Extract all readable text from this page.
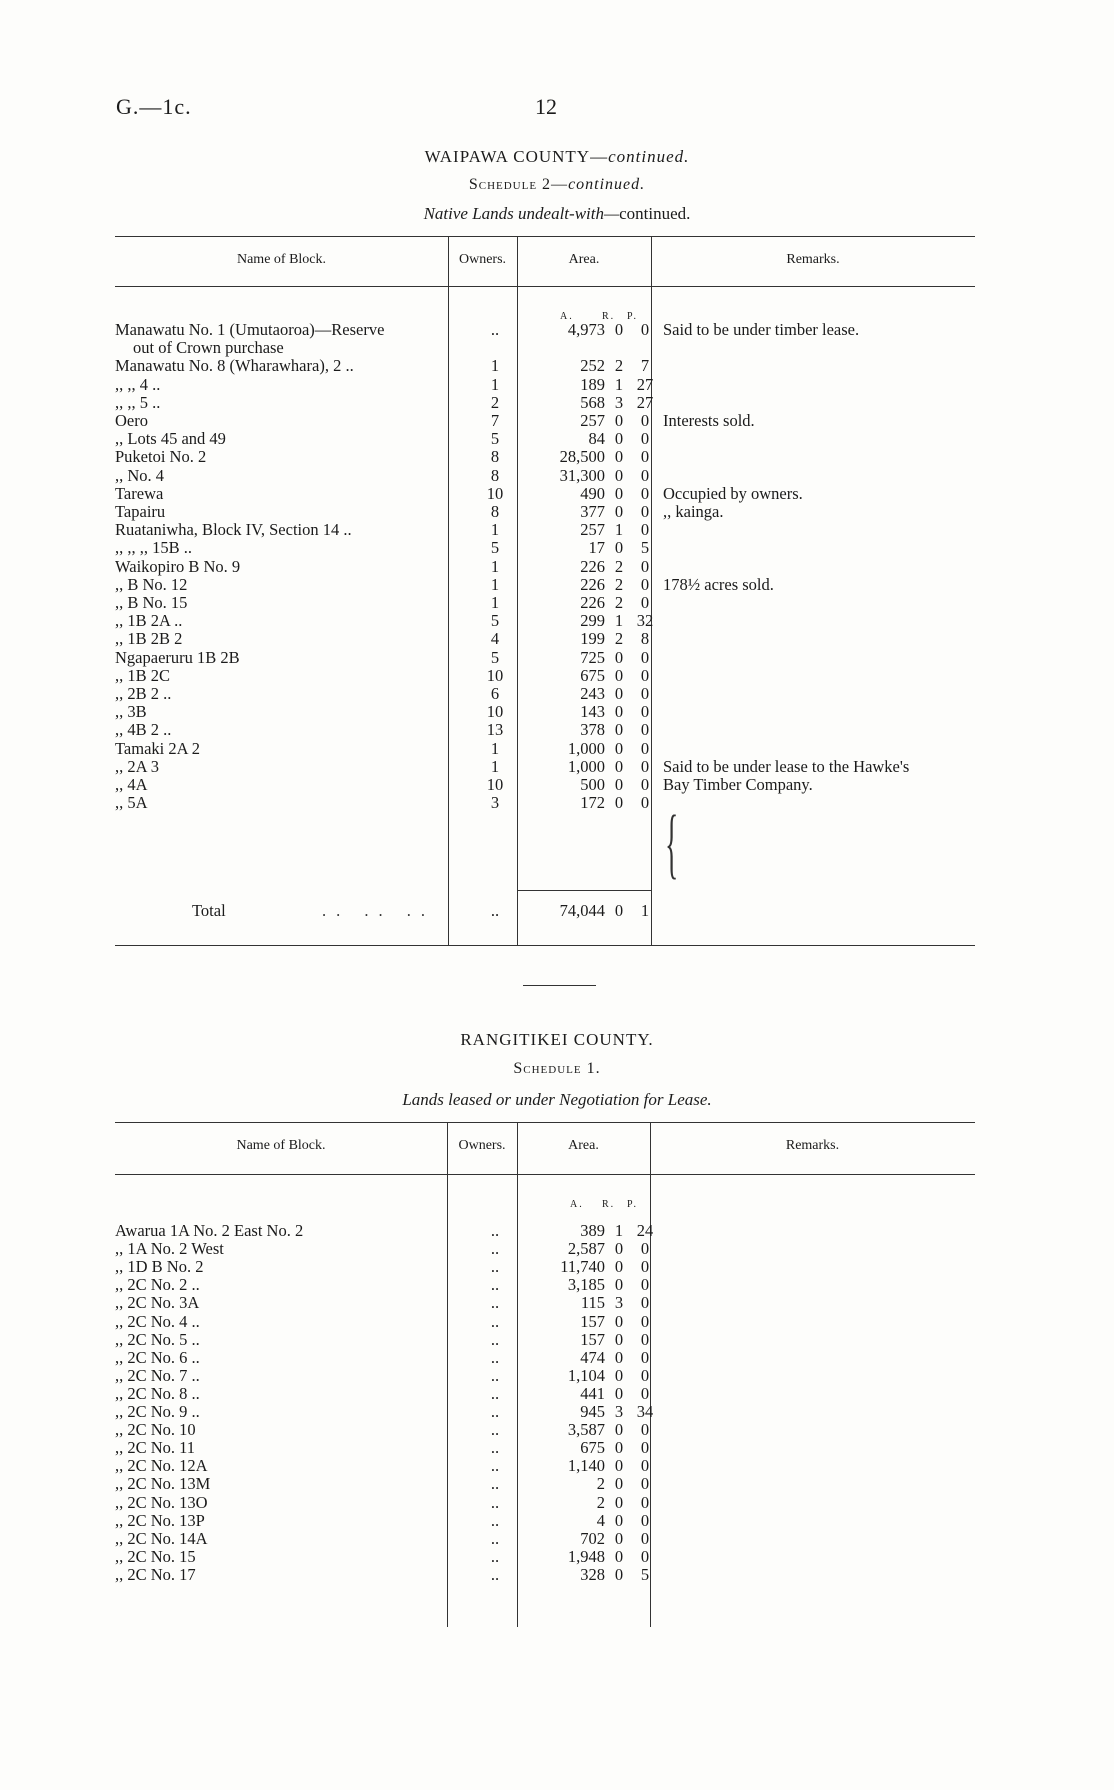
G.—1c.	12
WAIPAWA COUNTY—continued.
Schedule 2—continued.
Native Lands undealt-with—continued.
Name of Block.	Owners.	Area.	Remarks.
A.	R. P.
Manawatu No. 1 (Umutaoroa)—Reserve	..	4,973 0	0 Said to be under timber lease.
out of Crown purchase
Manawatu No. 8 (Wharawhara), 2 ..	1	252 2	7
,, ,, 4 ..	1	189 1 27
,, ,, 5 ..	2	568 3 27
Oero	7	257 0	0 Interests sold.
,, Lots 45 and 49	5	84 0	0
Puketoi No. 2	8	28,500 0	0
,, No. 4	8	31,300 0	0
Tarewa	10	490 0	0 Occupied by owners.
Tapairu	8	377 0	0 ,, kainga.
Ruataniwha, Block IV, Section 14 ..	1	257 1	0
,, ,, ,, 15B ..	5	17 0	5
Waikopiro B No. 9	1	226 2	0
,, B No. 12	1	226 2	0 178½ acres sold.
,, B No. 15	1	226 2	0
,, 1B 2A ..	5	299 1 32
,, 1B 2B 2	4	199 2	8
Ngapaeruru 1B 2B	5	725 0	0
,, 1B 2C	10	675 0	0
,, 2B 2 ..	6	243 0	0
,, 3B	10	143 0	0
,, 4B 2 ..	13	378 0	0
Tamaki 2A 2	1	1,000 0	0
,, 2A 3	1	1,000 0	0 Said to be under lease to the Hawke's
,, 4A	10	500 0	0 Bay Timber Company.
,, 5A	3	172 0	0
Total	.. .. ..	..	74,044 0	1
{
RANGITIKEI COUNTY.
Schedule 1.
Lands leased or under Negotiation for Lease.
Name of Block.	Owners.	Area.	Remarks.
A. R. P.
Awarua 1A No. 2 East No. 2	..	389 1 24
,, 1A No. 2 West	..	2,587 0	0
,, 1D B No. 2	..	11,740 0	0
,, 2C No. 2 ..	..	3,185 0	0
,, 2C No. 3A	..	115 3	0
,, 2C No. 4 ..	..	157 0	0
,, 2C No. 5 ..	..	157 0	0
,, 2C No. 6 ..	..	474 0	0
,, 2C No. 7 ..	..	1,104 0	0
,, 2C No. 8 ..	..	441 0	0
,, 2C No. 9 ..	..	945 3 34
,, 2C No. 10	..	3,587 0	0
,, 2C No. 11	..	675 0	0
,, 2C No. 12A	..	1,140 0	0
,, 2C No. 13M	..	2 0	0
,, 2C No. 13O	..	2 0	0
,, 2C No. 13P	..	4 0	0
,, 2C No. 14A	..	702 0	0
,, 2C No. 15	..	1,948 0	0
,, 2C No. 17	..	328 0	5
